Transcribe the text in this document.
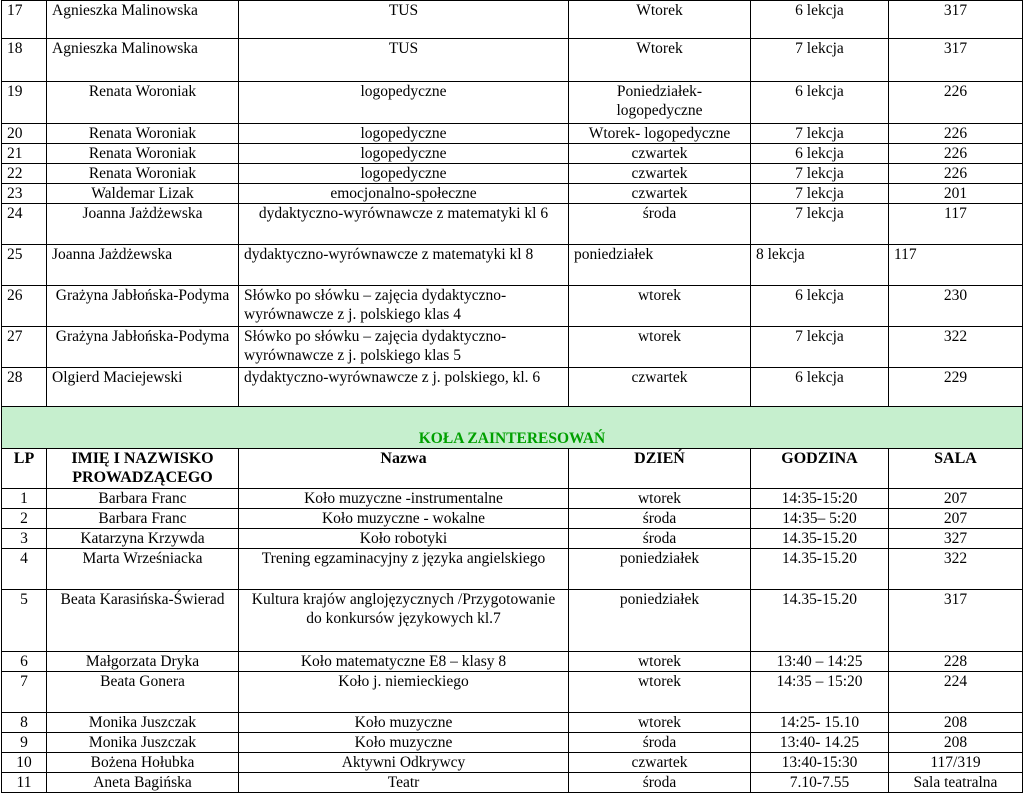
17	Agnieszka Malinowska	TUS	Wtorek	6 lekcja	317
18	Agnieszka Malinowska	TUS	Wtorek	7 lekcja	317
19	Renata Woroniak	logopedyczne	Poniedziałek- logopedyczne	6 lekcja	226
20	Renata Woroniak	logopedyczne	Wtorek- logopedyczne	7 lekcja	226
21	Renata Woroniak	logopedyczne	czwartek	6 lekcja	226
22	Renata Woroniak	logopedyczne	czwartek	7 lekcja	226
23	Waldemar Lizak	emocjonalno-społeczne	czwartek	7 lekcja	201
24	Joanna Jażdżewska	dydaktyczno-wyrównawcze z matematyki kl 6	środa	7 lekcja	117
25	Joanna Jażdżewska	dydaktyczno-wyrównawcze z matematyki kl 8	poniedziałek	8 lekcja	117
26	Grażyna Jabłońska-Podyma	Słówko po słówku – zajęcia dydaktyczno-wyrównawcze z j. polskiego klas 4	wtorek	6 lekcja	230
27	Grażyna Jabłońska-Podyma	Słówko po słówku – zajęcia dydaktyczno-wyrównawcze z j. polskiego klas 5	wtorek	7 lekcja	322
28	Olgierd Maciejewski	dydaktyczno-wyrównawcze z j. polskiego, kl. 6	czwartek	6 lekcja	229
KOŁA ZAINTERESOWAŃ					
LP	IMIĘ I NAZWISKO PROWADZĄCEGO	Nazwa	DZIEŃ	GODZINA	SALA
1	Barbara Franc	Koło muzyczne -instrumentalne	wtorek	14:35-15:20	207
2	Barbara Franc	Koło muzyczne - wokalne	środa	14:35– 5:20	207
3	Katarzyna Krzywda	Koło robotyki	środa	14.35-15.20	327
4	Marta Wrześniacka	Trening egzaminacyjny z języka angielskiego	poniedziałek	14.35-15.20	322
5	Beata Karasińska-Świerad	Kultura krajów anglojęzycznych /Przygotowanie do konkursów językowych kl.7	poniedziałek	14.35-15.20	317
6	Małgorzata Dryka	Koło matematyczne E8 – klasy 8	wtorek	13:40 – 14:25	228
7	Beata Gonera	Koło j. niemieckiego	wtorek	14:35 – 15:20	224
8	Monika Juszczak	Koło muzyczne	wtorek	14:25- 15.10	208
9	Monika Juszczak	Koło muzyczne	środa	13:40- 14.25	208
10	Bożena Hołubka	Aktywni Odkrywcy	czwartek	13:40-15:30	117/319
11	Aneta Bagińska	Teatr	środa	7.10-7.55	Sala teatralna
